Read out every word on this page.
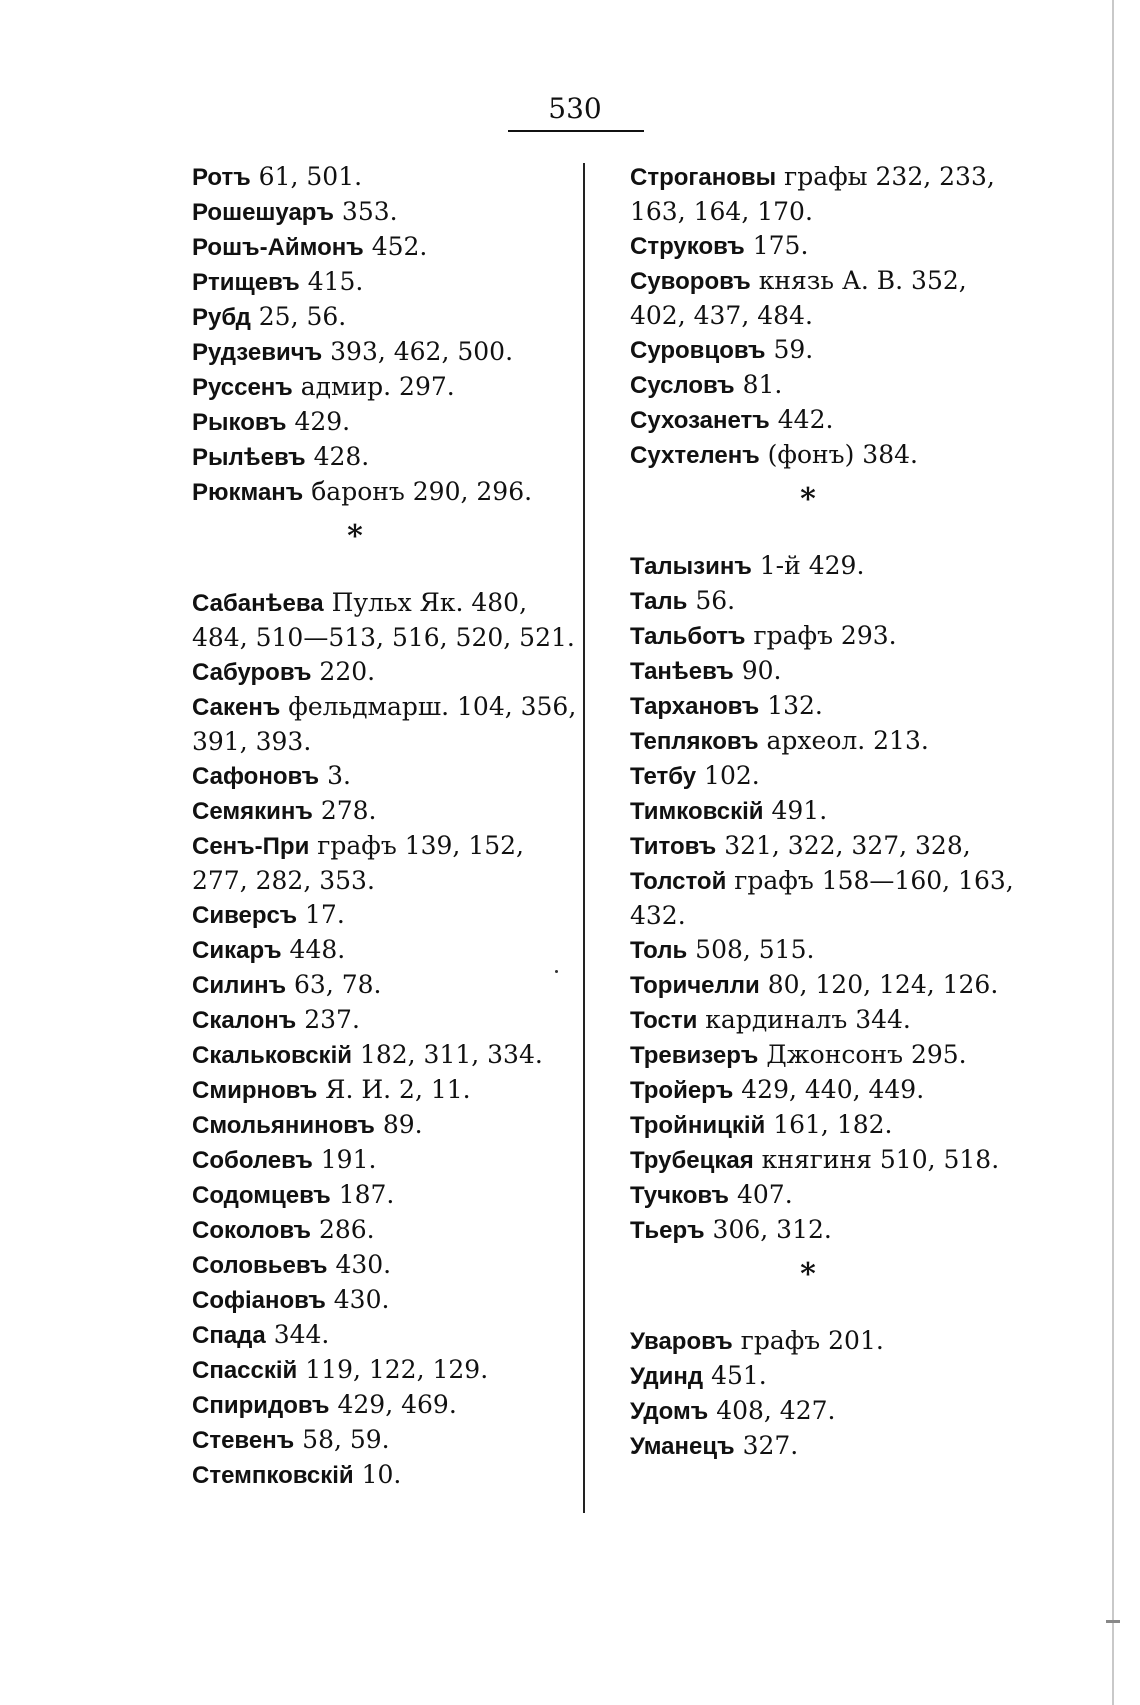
530

Ротъ 61, 501.

Рошешуаръ 353.

Рошъ-Аймонъ 452.

Ртищевъ 415.

Рубд 25, 56.

Рудзевичъ 393, 462, 500.

Руссенъ адмир. 297.

Рыковъ 429.

Рылѣевъ 428.

Рюкманъ баронъ 290, 296.

*

Сабанѣева Пульх Як. 480, 484, 510—513, 516, 520, 521.

Сабуровъ 220.

Сакенъ фельдмарш. 104, 356, 391, 393.

Сафоновъ 3.

Семякинъ 278.

Сенъ-При графъ 139, 152, 277, 282, 353.

Сиверсъ 17.

Сикаръ 448.

Силинъ 63, 78.

Скалонъ 237.

Скальковскій 182, 311, 334.

Смирновъ Я. И. 2, 11.

Смольяниновъ 89.

Соболевъ 191.

Содомцевъ 187.

Соколовъ 286.

Соловьевъ 430.

Софіановъ 430.

Спада 344.

Спасскій 119, 122, 129.

Спиридовъ 429, 469.

Стевенъ 58, 59.

Стемпковскій 10.

Строгановы графы 232, 233, 163, 164, 170.

Струковъ 175.

Суворовъ князь А. В. 352, 402, 437, 484.

Суровцовъ 59.

Сусловъ 81.

Сухозанетъ 442.

Сухтеленъ (фонъ) 384.

*

Талызинъ 1-й 429.

Таль 56.

Тальботъ графъ 293.

Танѣевъ 90.

Тархановъ 132.

Тепляковъ археол. 213.

Тетбу 102.

Тимковскій 491.

Титовъ 321, 322, 327, 328,

Толстой графъ 158—160, 163, 432.

Толь 508, 515.

Торичелли 80, 120, 124, 126.

Тости кардиналъ 344.

Тревизеръ Джонсонъ 295.

Тройеръ 429, 440, 449.

Тройницкій 161, 182.

Трубецкая княгиня 510, 518.

Тучковъ 407.

Тьеръ 306, 312.

*

Уваровъ графъ 201.

Удинд 451.

Удомъ 408, 427.

Уманецъ 327.
